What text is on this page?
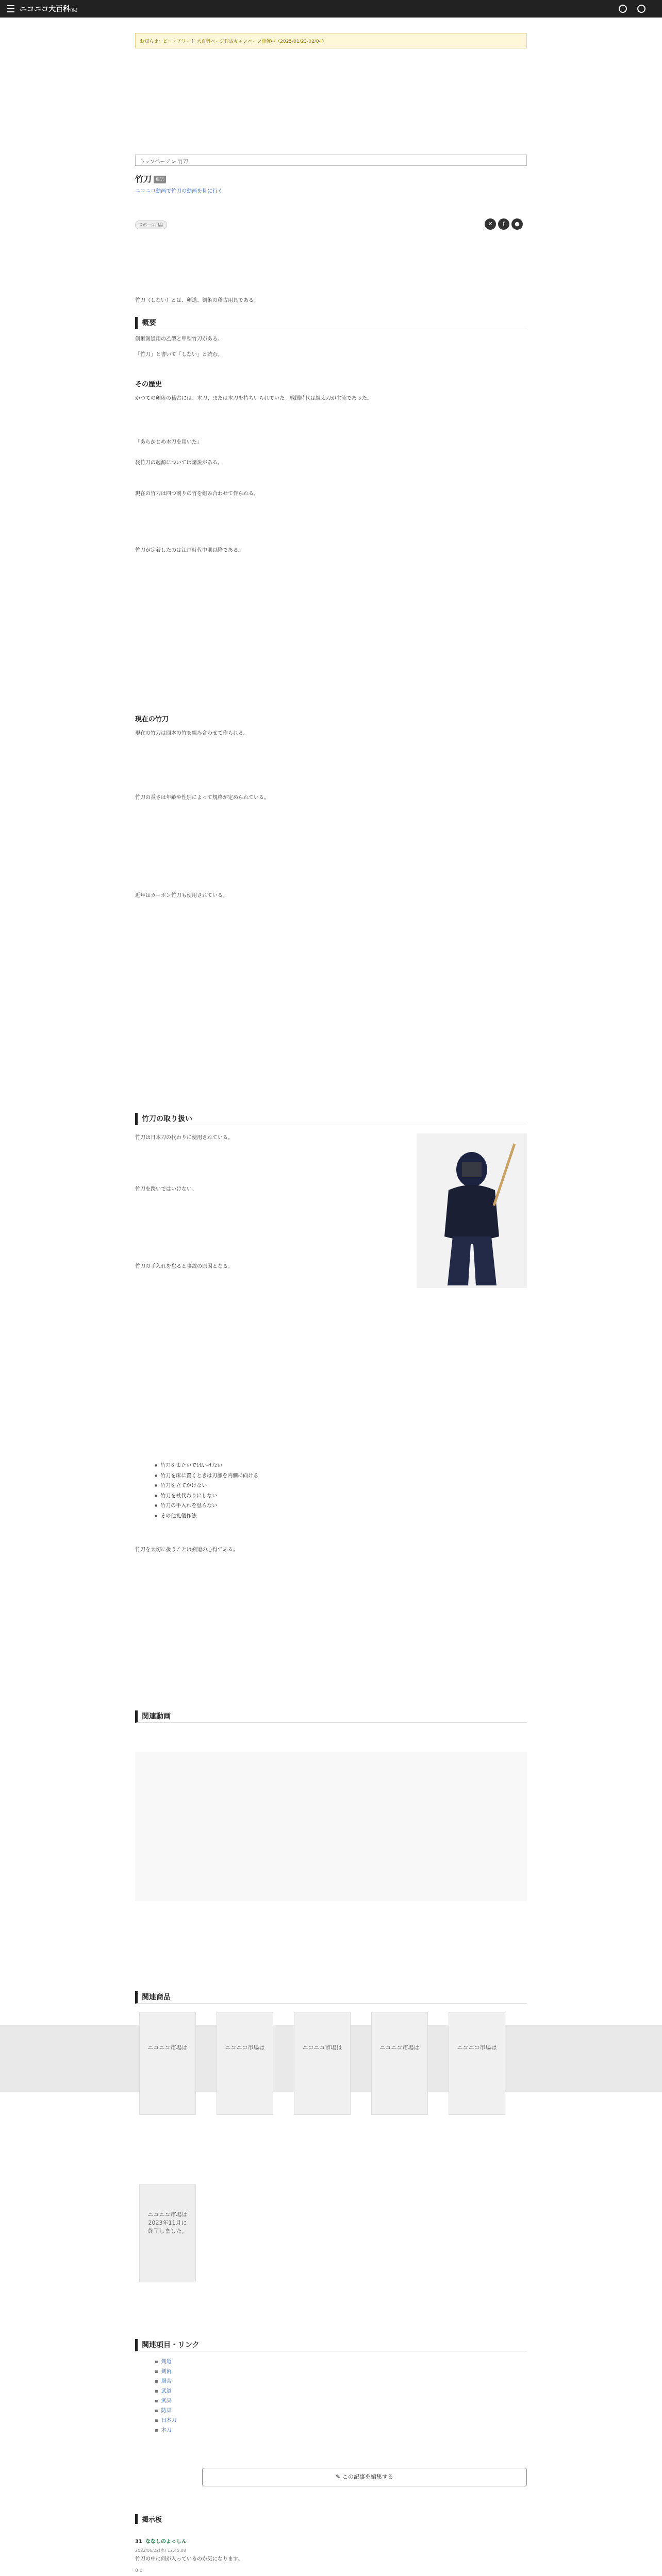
ニコニコ大百科(仮)
お知らせ：ピコ・アワード 大百科ページ作成キャンペーン開催中（2025/01/23-02/04）
トップページ > 竹刀
竹刀 単語
ニコニコ動画で竹刀の動画を見に行く
スポーツ用品	✕	f	●
竹刀（しない）とは、剣道、剣術の稽古用具である。
概要
剣術剣道用の乙型と甲型竹刀がある。
「竹刀」と書いて「しない」と読む。
その歴史
かつての剣術の稽古には、木刀、または木刀を持ちいられていた。戦国時代は組太刀が主流であった。
「あらかじめ木刀を用いた」
袋竹刀の起源については諸説がある。
現在の竹刀は四つ割りの竹を組み合わせて作られる。
竹刀が定着したのは江戸時代中期以降である。
現在の竹刀
現在の竹刀は四本の竹を組み合わせて作られる。
竹刀の長さは年齢や性別によって規格が定められている。
近年はカーボン竹刀も使用されている。
竹刀の取り扱い
竹刀は日本刀の代わりに使用されている。
竹刀を跨いではいけない。
竹刀の手入れを怠ると事故の原因となる。
● 竹刀をまたいではいけない
● 竹刀を床に置くときは刃部を内側に向ける
● 竹刀を立てかけない
● 竹刀を杖代わりにしない
● 竹刀の手入れを怠らない
● その他礼儀作法
竹刀を大切に扱うことは剣道の心得である。
関連動画
関連商品
ニコニコ市場は	ニコニコ市場は	ニコニコ市場は	ニコニコ市場は	ニコニコ市場は
ニコニコ市場は
2023年11月に
終了しました。
関連項目・リンク
▪ 剣道
▪ 剣術
▪ 居合
▪ 武道
▪ 武具
▪ 防具
▪ 日本刀
▪ 木刀
✎ この記事を編集する
掲示板
31 ななしのよっしん
2022/06/22(水) 12:45:08
竹刀の中に何が入っているのか気になります。
0 0
